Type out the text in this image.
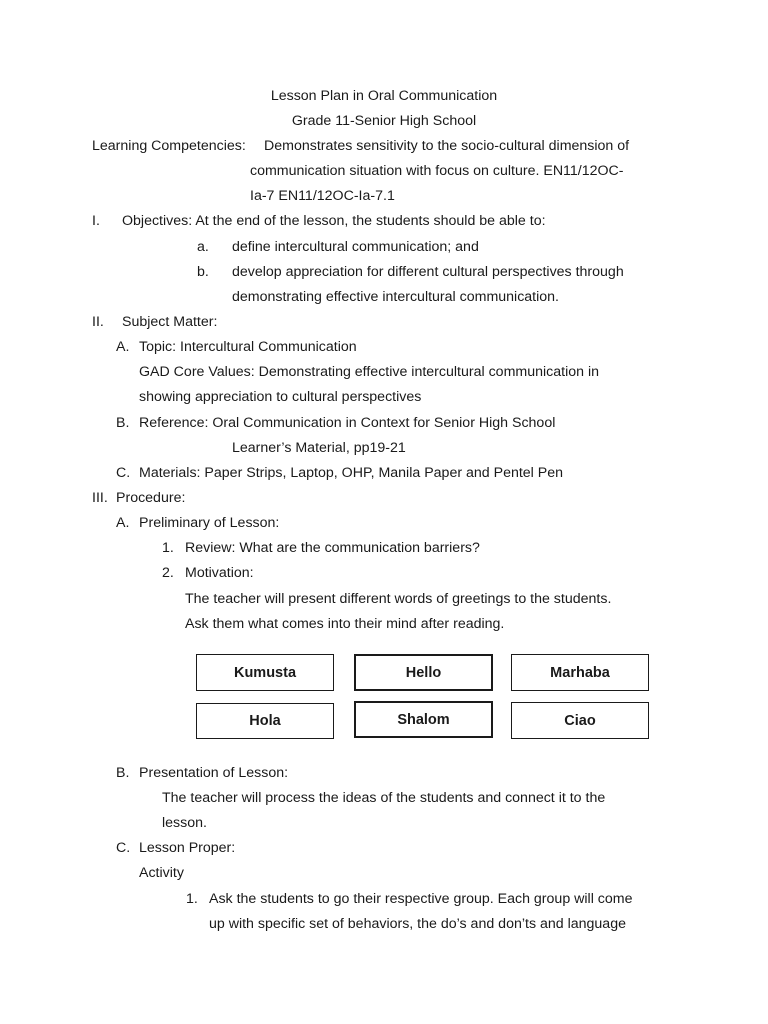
Lesson Plan in Oral Communication
Grade 11-Senior High School
Learning Competencies: Demonstrates sensitivity to the socio-cultural dimension of
communication situation with focus on culture. EN11/12OC-
Ia-7 EN11/12OC-Ia-7.1
I. Objectives: At the end of the lesson, the students should be able to:
a. define intercultural communication; and
b. develop appreciation for different cultural perspectives through
demonstrating effective intercultural communication.
II. Subject Matter:
A. Topic: Intercultural Communication
GAD Core Values: Demonstrating effective intercultural communication in
showing appreciation to cultural perspectives
B. Reference: Oral Communication in Context for Senior High School
Learner’s Material, pp19-21
C. Materials: Paper Strips, Laptop, OHP, Manila Paper and Pentel Pen
III. Procedure:
A. Preliminary of Lesson:
1. Review: What are the communication barriers?
2. Motivation:
The teacher will present different words of greetings to the students.
Ask them what comes into their mind after reading.
Kumusta	Hello	Marhaba
Hola	Shalom	Ciao
B. Presentation of Lesson:
The teacher will process the ideas of the students and connect it to the
lesson.
C. Lesson Proper:
Activity
1. Ask the students to go their respective group. Each group will come
up with specific set of behaviors, the do’s and don’ts and language
